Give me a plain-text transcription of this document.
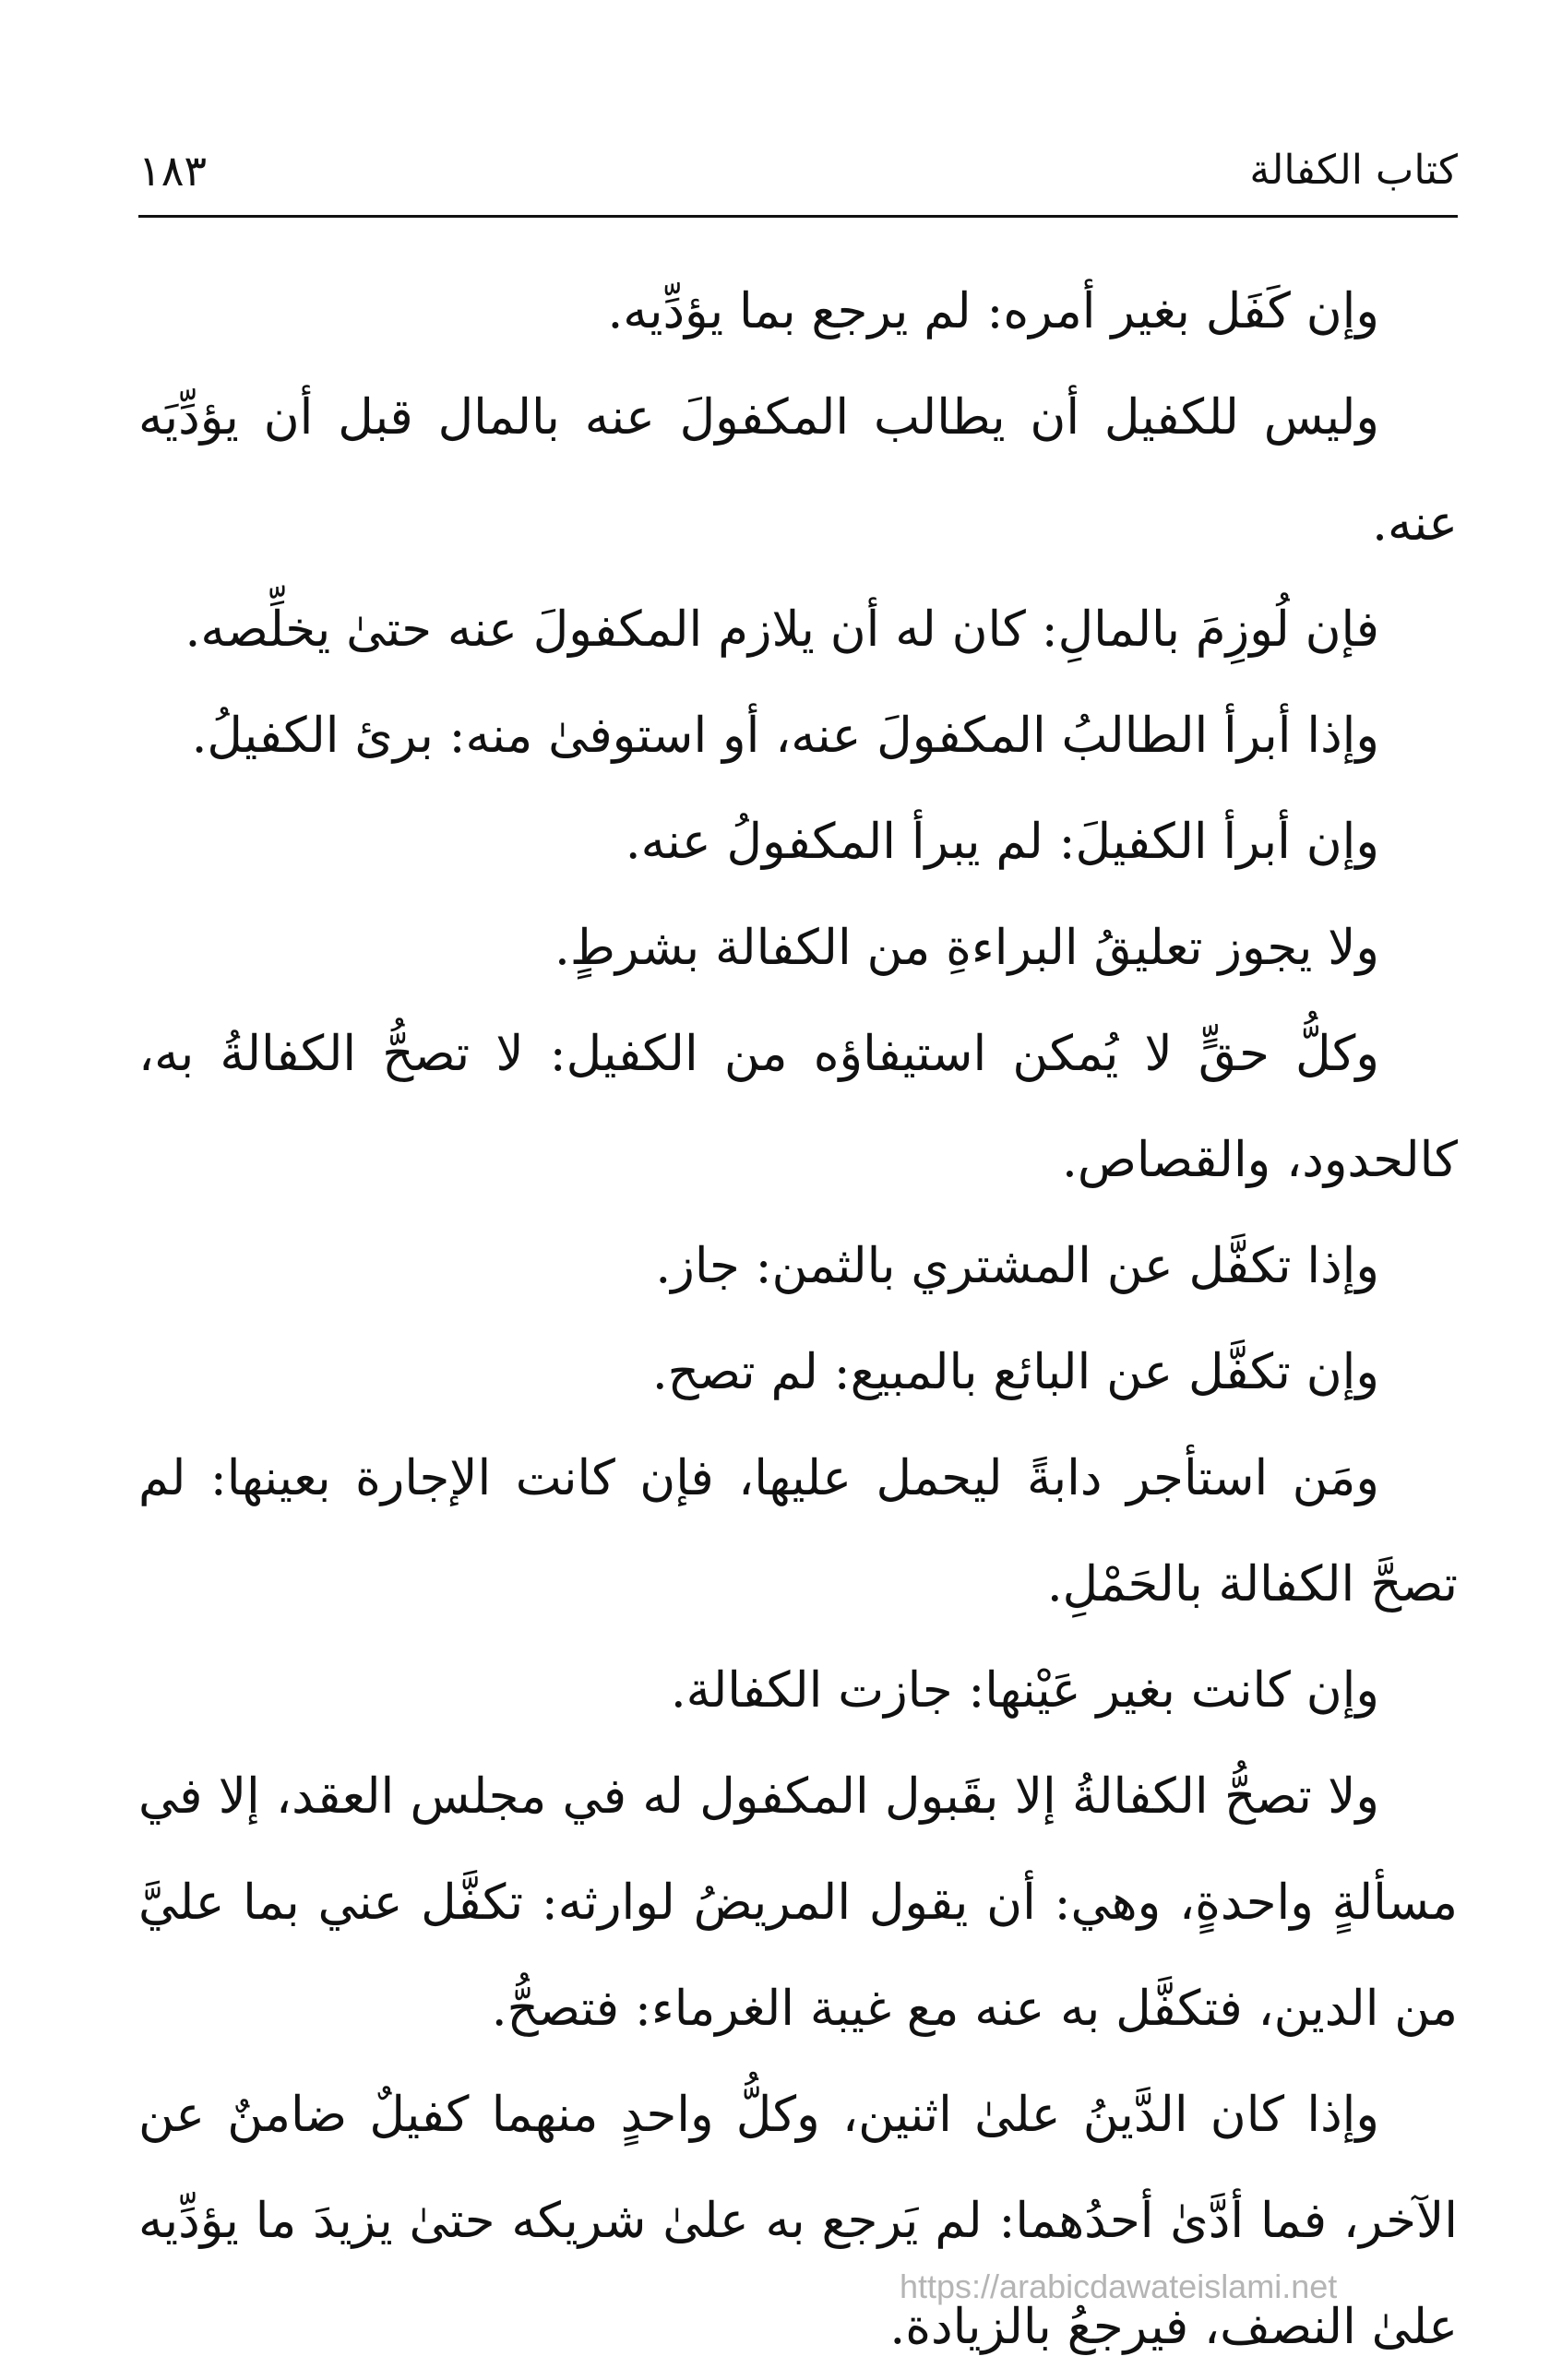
كتاب الكفالة
١٨٣

وإن كَفَل بغير أمره: لم يرجع بما يؤدِّيه.

وليس للكفيل أن يطالب المكفولَ عنه بالمال قبل أن يؤدِّيَه عنه.

فإن لُوزِمَ بالمالِ: كان له أن يلازم المكفولَ عنه حتىٰ يخلِّصه.

وإذا أبرأ الطالبُ المكفولَ عنه، أو استوفىٰ منه: برئ الكفيلُ.

وإن أبرأ الكفيلَ: لم يبرأ المكفولُ عنه.

ولا يجوز تعليقُ البراءةِ من الكفالة بشرطٍ.

وكلُّ حقٍّ لا يُمكن استيفاؤه من الكفيل: لا تصحُّ الكفالةُ به، كالحدود، والقصاص.

وإذا تكفَّل عن المشتري بالثمن: جاز.

وإن تكفَّل عن البائع بالمبيع: لم تصح.

ومَن استأجر دابةً ليحمل عليها، فإن كانت الإجارة بعينها: لم تصحَّ الكفالة بالحَمْلِ.

وإن كانت بغير عَيْنها: جازت الكفالة.

ولا تصحُّ الكفالةُ إلا بقَبول المكفول له في مجلس العقد، إلا في مسألةٍ واحدةٍ، وهي: أن يقول المريضُ لوارثه: تكفَّل عني بما عليَّ من الدين، فتكفَّل به عنه مع غيبة الغرماء: فتصحُّ.

وإذا كان الدَّينُ علىٰ اثنين، وكلُّ واحدٍ منهما كفيلٌ ضامنٌ عن الآخر، فما أدَّىٰ أحدُهما: لم يَرجع به علىٰ شريكه حتىٰ يزيدَ ما يؤدِّيه علىٰ النصف، فيرجعُ بالزيادة.

https://arabicdawateislami.net
